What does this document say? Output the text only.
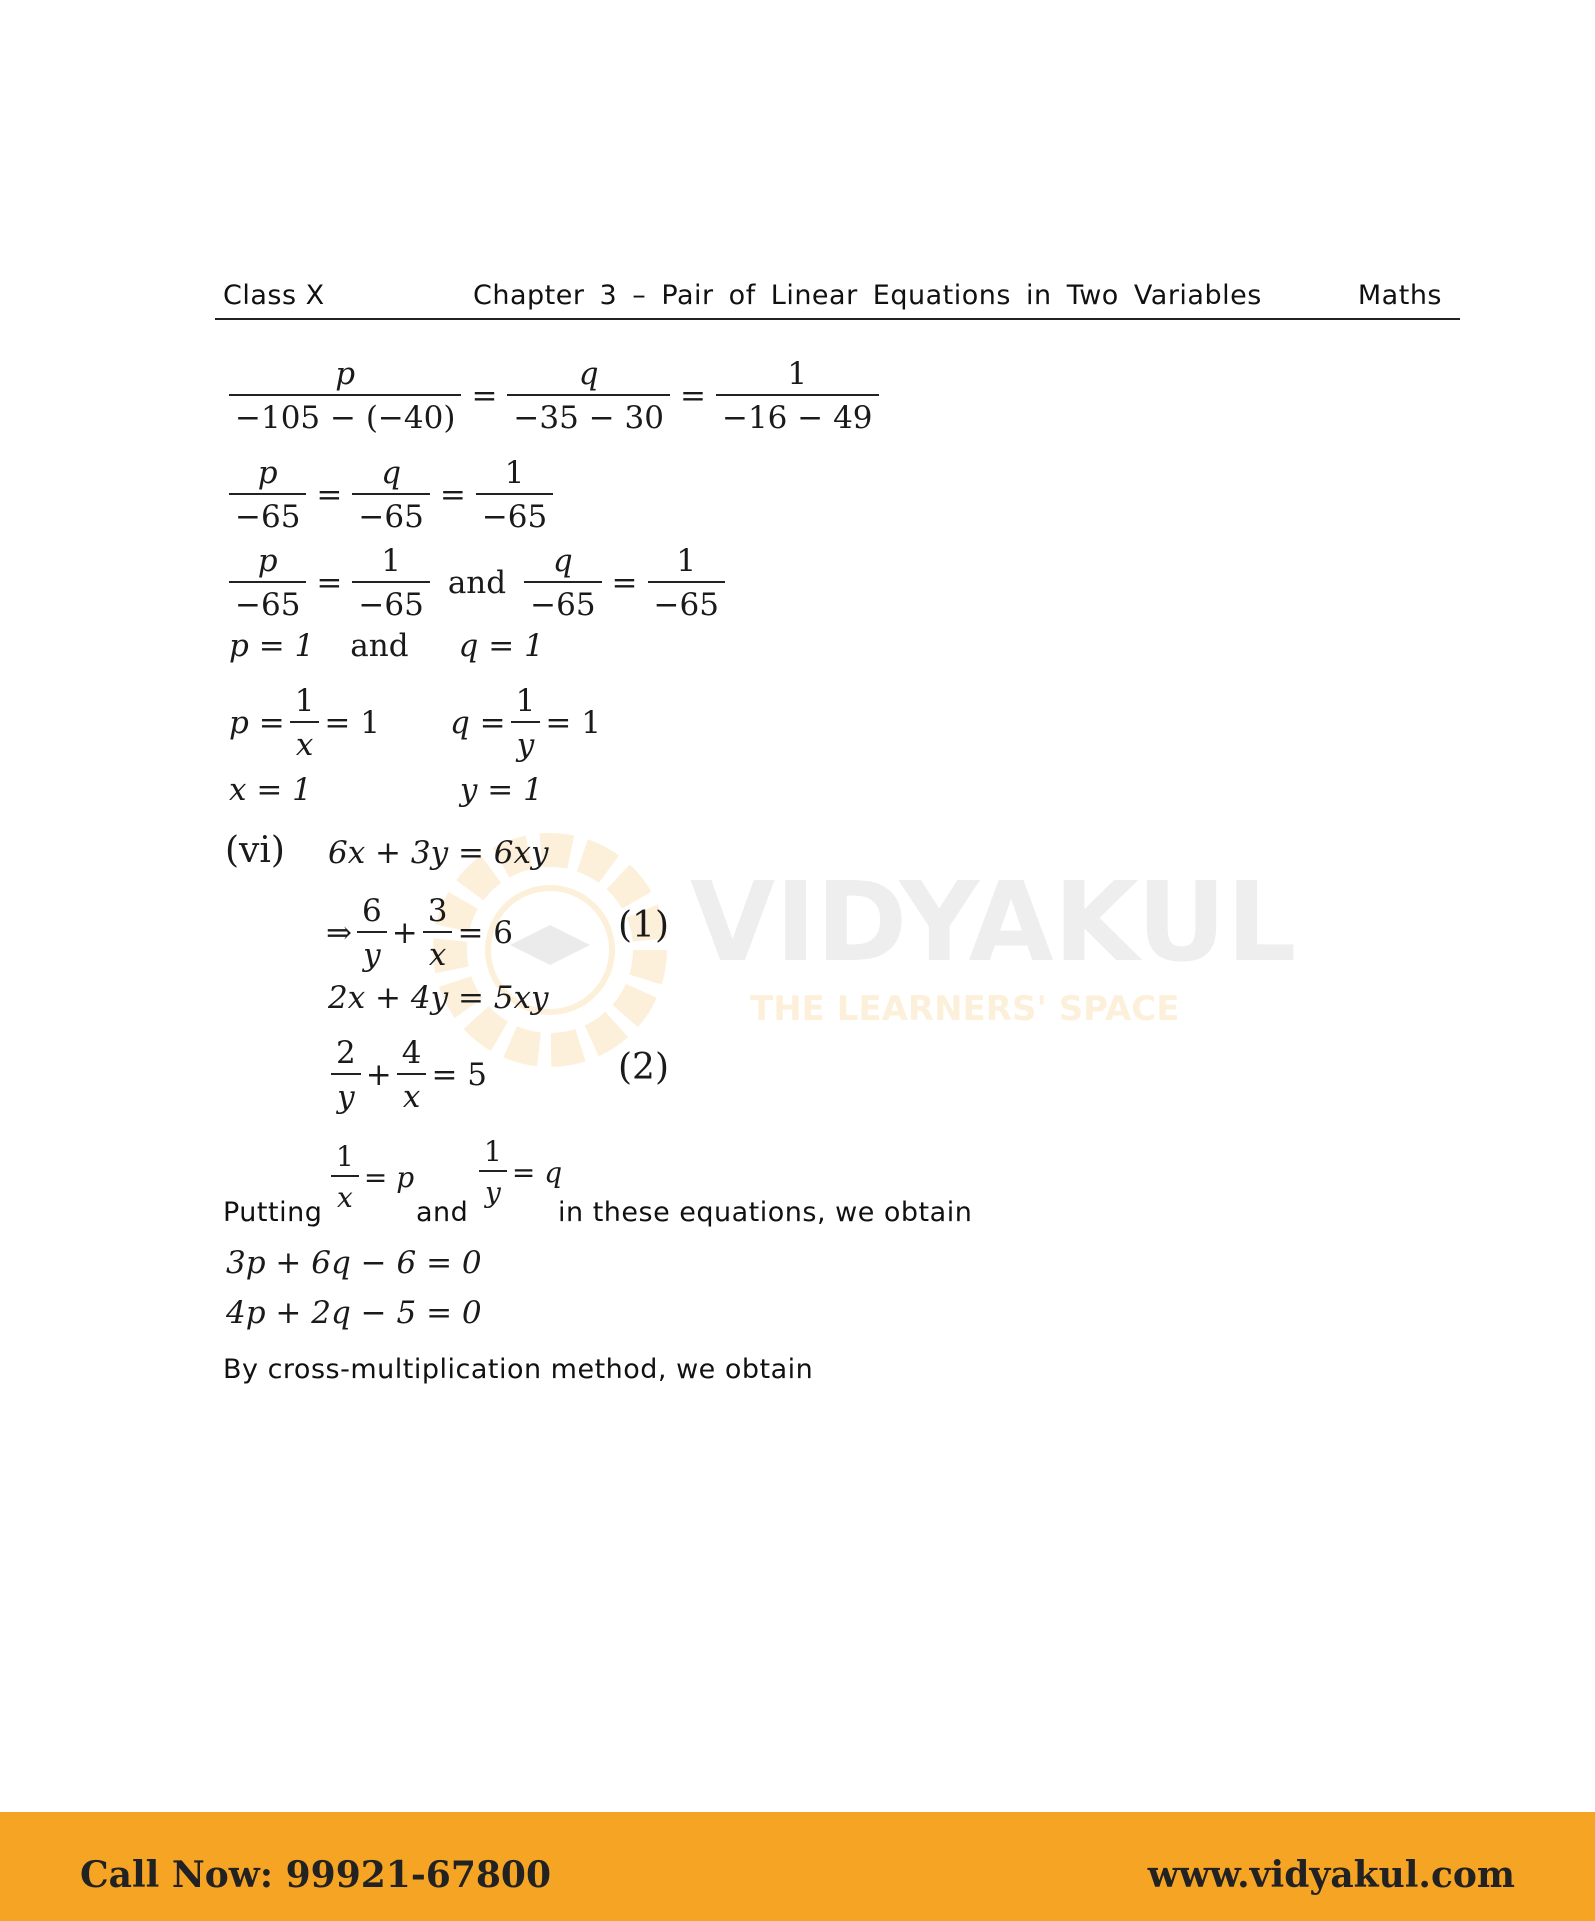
Class X	Chapter 3 – Pair of Linear Equations in Two Variables	Maths
VIDYAKUL
THE LEARNERS' SPACE
$\frac{p}{-105 - (-40)} = \frac{q}{-35 - 30} = \frac{1}{-16 - 49}$
$\frac{p}{-65} = \frac{q}{-65} = \frac{1}{-65}$
$\frac{p}{-65} = \frac{1}{-65}$ and $\frac{q}{-65} = \frac{1}{-65}$
p = 1 and q = 1
$p = \frac{1}{x} = 1$ $q = \frac{1}{y} = 1$
x = 1	y = 1
(vi) 6x + 3y = 6xy
⇒ $\frac{6}{y} + \frac{3}{x} = 6$	(1)
2x + 4y = 5xy
$\frac{2}{y} + \frac{4}{x} = 5$	(2)
Putting $\frac{1}{x} = p$
and
$\frac{1}{y} = q$
in these equations, we obtain
3p + 6q − 6 = 0
4p + 2q − 5 = 0
By cross-multiplication method, we obtain
Call Now: 99921-67800	www.vidyakul.com
